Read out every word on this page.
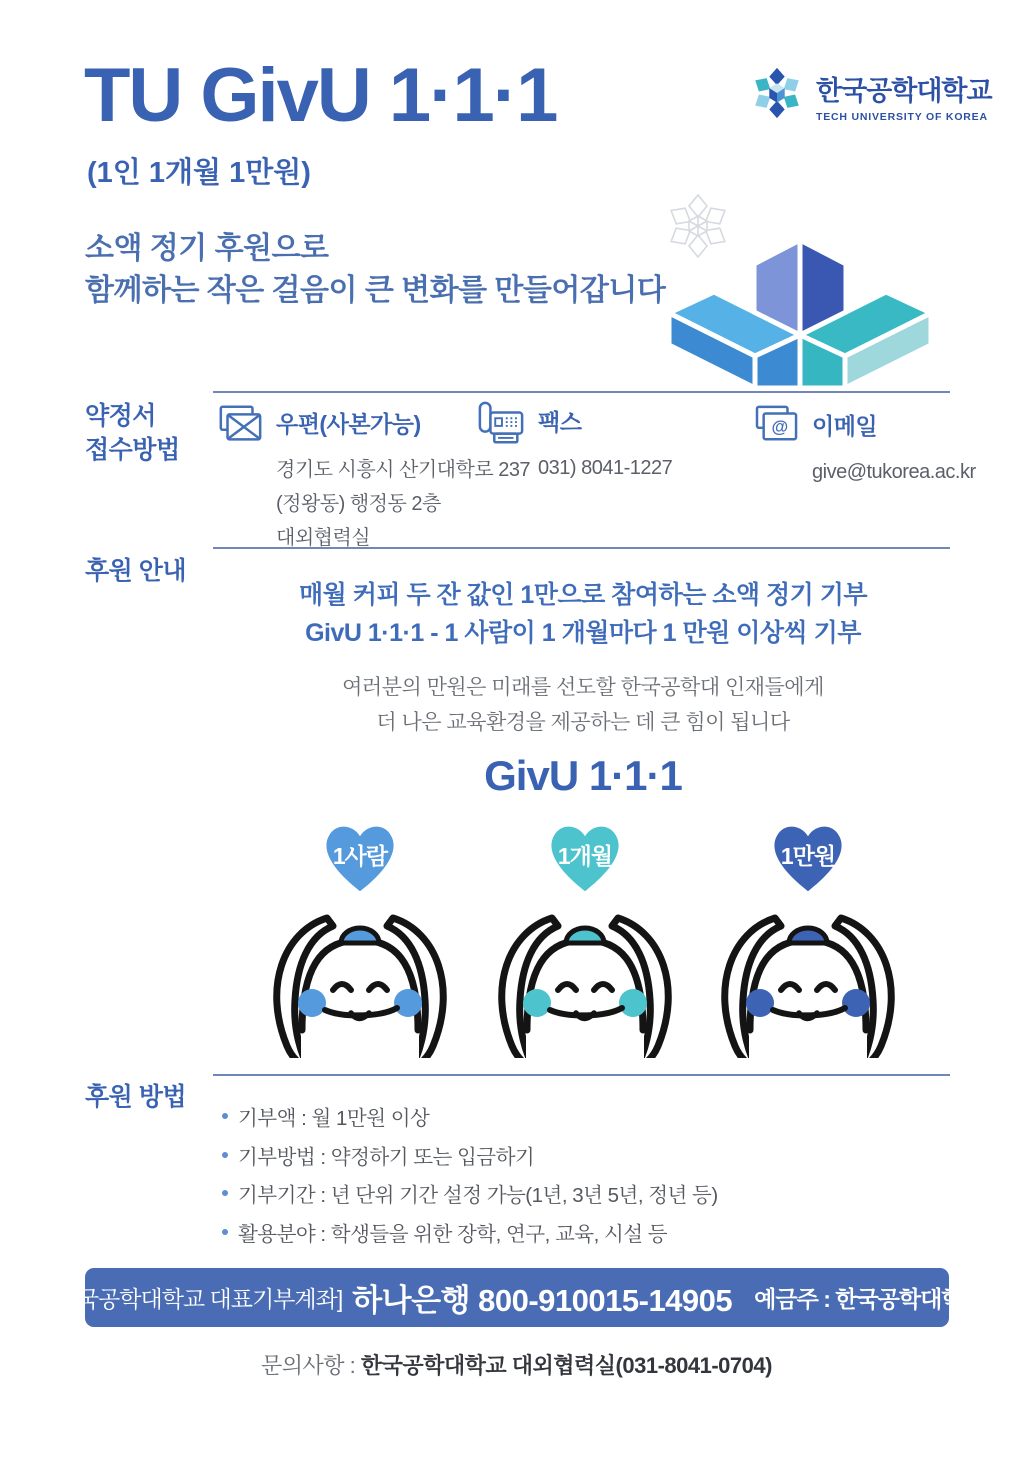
TU GivU 1·1·1
(1인 1개월 1만원)
한국공학대학교
TECH UNIVERSITY OF KOREA
소액 정기 후원으로
함께하는 작은 걸음이 큰 변화를 만들어갑니다
약정서
접수방법
우편(사본가능)
경기도 시흥시 산기대학로 237
(정왕동) 행정동 2층
대외협력실
팩스
031) 8041-1227
@ 이메일
give@tukorea.ac.kr
후원 안내
매월 커피 두 잔 값인 1만으로 참여하는 소액 정기 기부
GivU 1·1·1 - 1 사람이 1 개월마다 1 만원 이상씩 기부
여러분의 만원은 미래를 선도할 한국공학대 인재들에게
더 나은 교육환경을 제공하는 데 큰 힘이 됩니다
GivU 1·1·1
1사람	1개월	1만원
후원 방법
기부액 : 월 1만원 이상
기부방법 : 약정하기 또는 입금하기
기부기간 : 년 단위 기간 설정 가능(1년, 3년 5년, 정년 등)
활용분야 : 학생들을 위한 장학, 연구, 교육, 시설 등
[한국공학대학교 대표기부계좌] 하나은행 800-910015-14905 예금주 : 한국공학대학교
문의사항 : 한국공학대학교 대외협력실(031-8041-0704)
